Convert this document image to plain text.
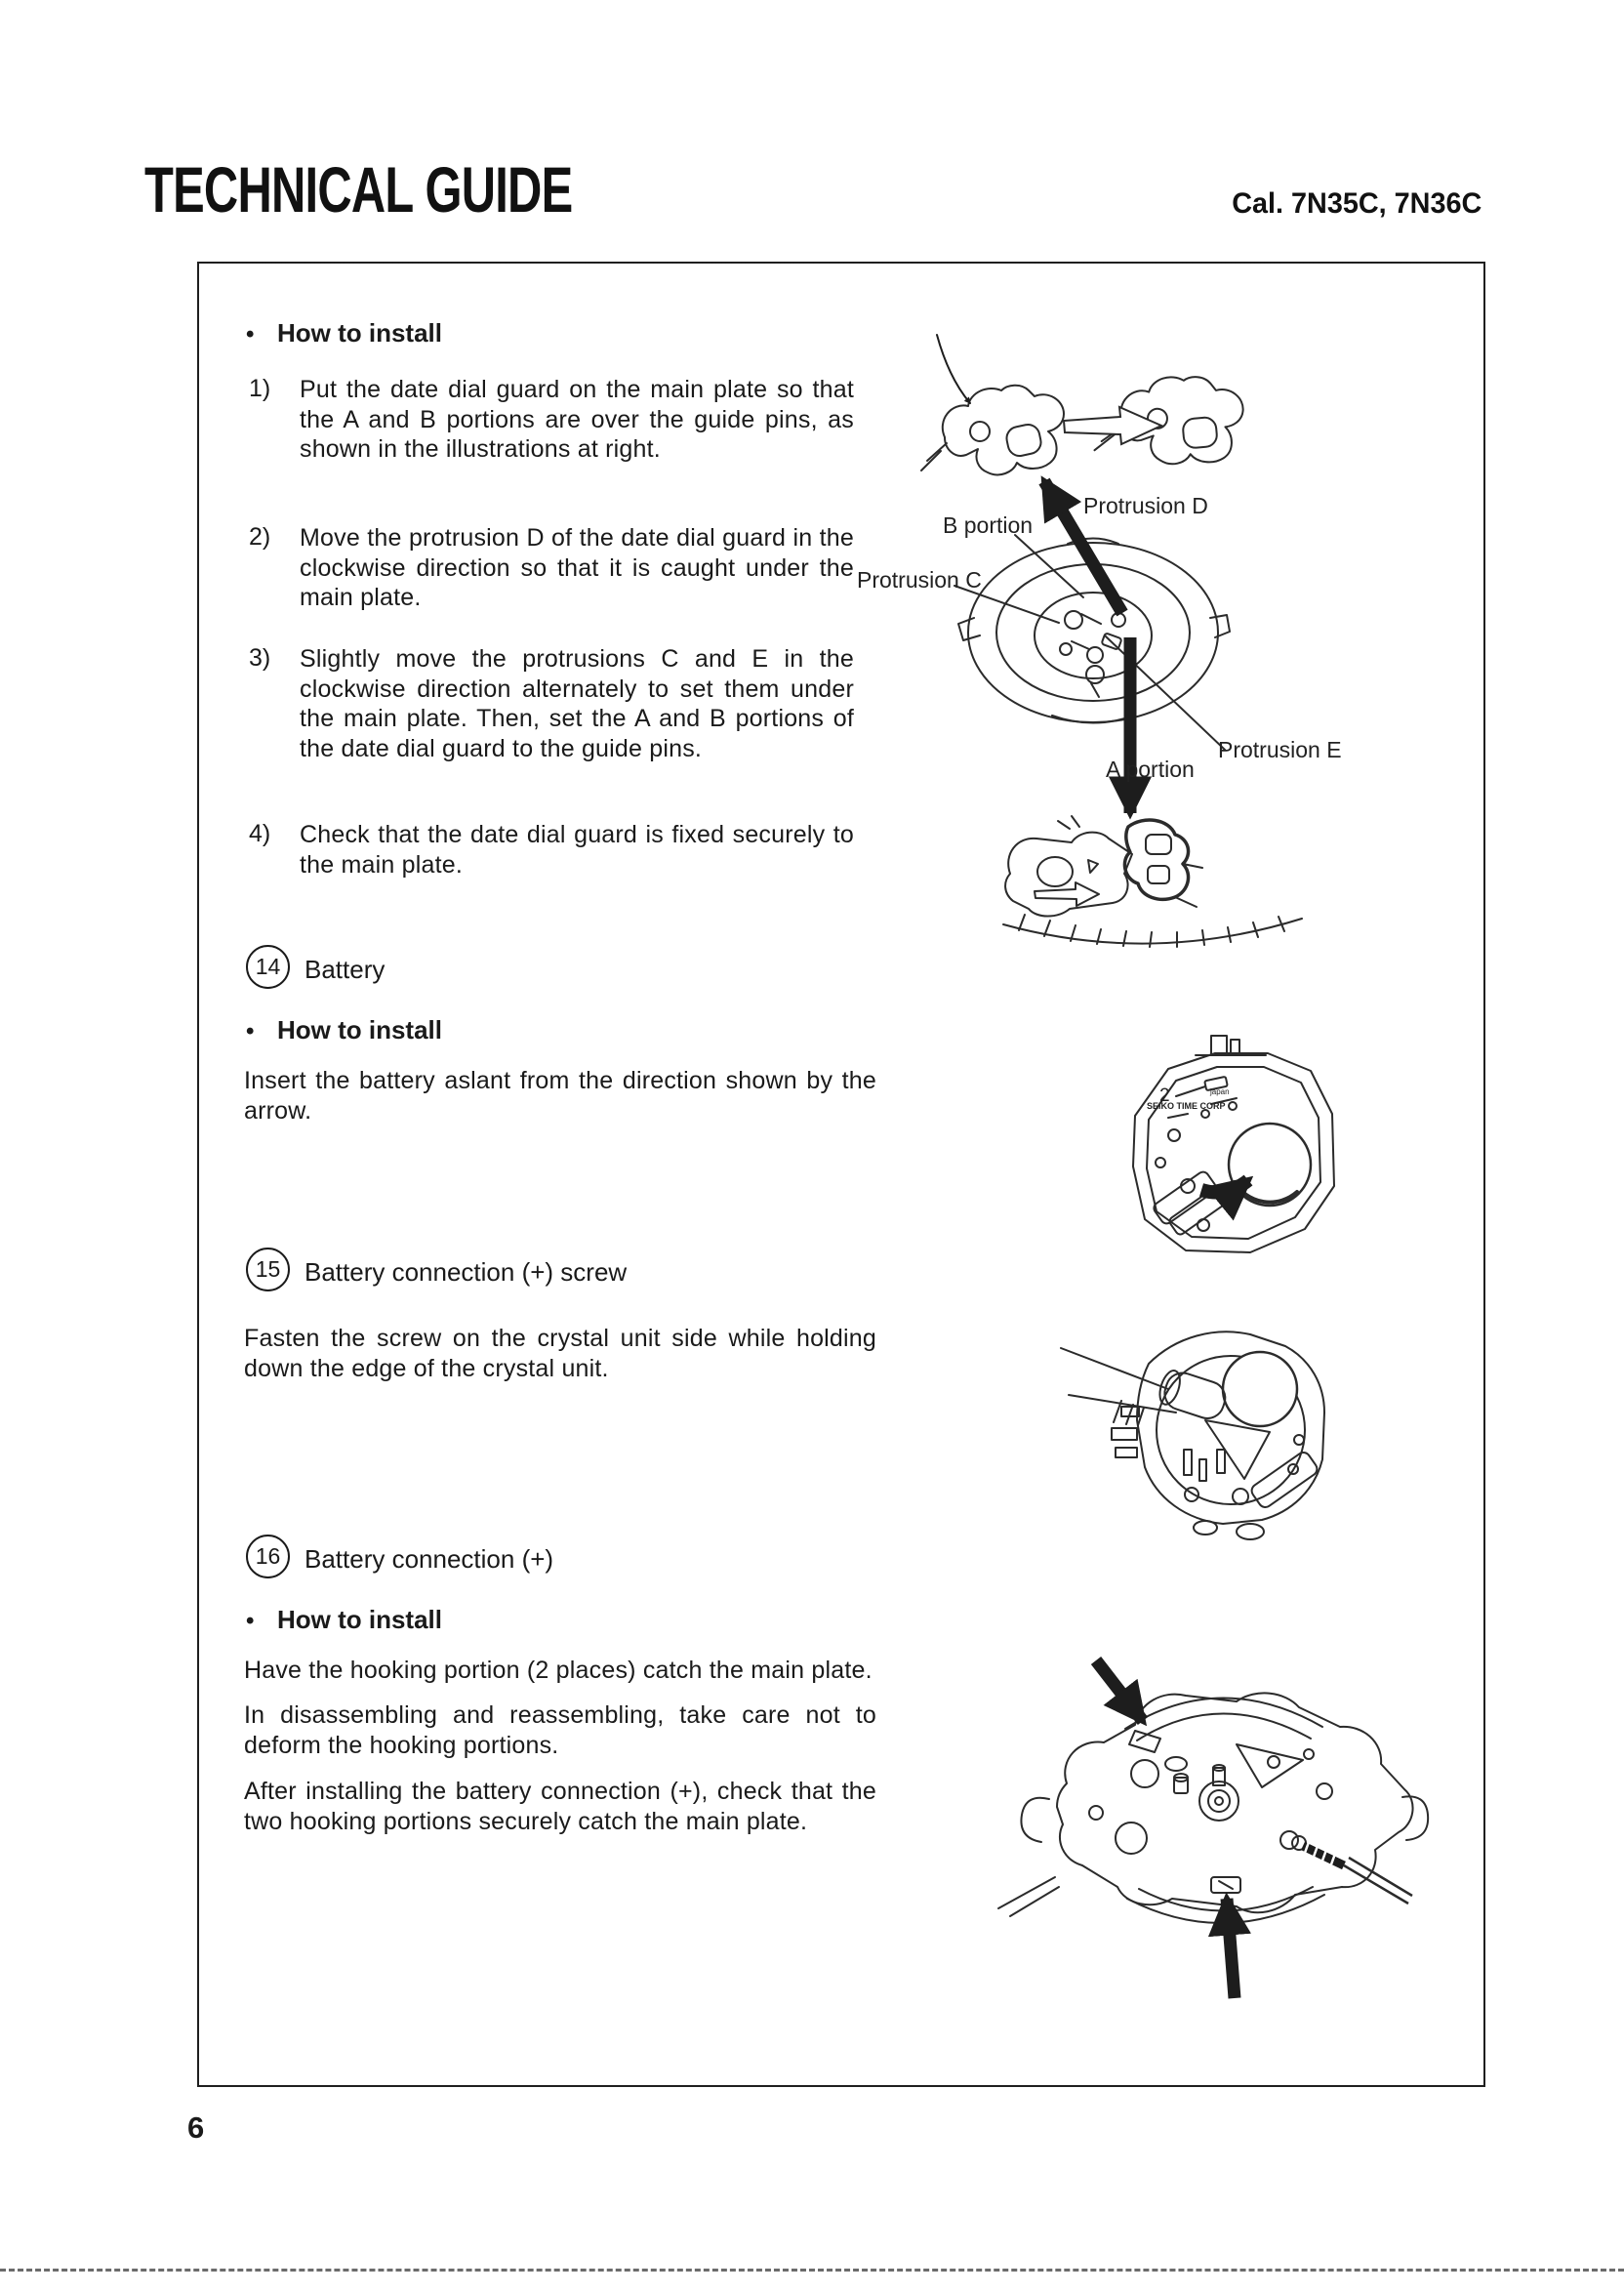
TECHNICAL GUIDE	Cal. 7N35C, 7N36C
• How to install
1) Put the date dial guard on the main plate so that the A and B portions are over the guide pins, as shown in the illustrations at right.
2) Move the protrusion D of the date dial guard in the clockwise direction so that it is caught under the main plate.
3) Slightly move the protrusions C and E in the clockwise direction alternately to set them under the main plate. Then, set the A and B portions of the date dial guard to the guide pins.
4) Check that the date dial guard is fixed securely to the main plate.
Protrusion D
B portion
Protrusion C
Protrusion E
A portion
14 Battery
• How to install
Insert the battery aslant from the direction shown by the arrow.
2
SEIKO TIME CORP
japan
15 Battery connection (+) screw
Fasten the screw on the crystal unit side while holding down the edge of the crystal unit.
16 Battery connection (+)
• How to install
Have the hooking portion (2 places) catch the main plate.
In disassembling and reassembling, take care not to deform the hooking portions.
After installing the battery connection (+), check that the two hooking portions securely catch the main plate.
6
